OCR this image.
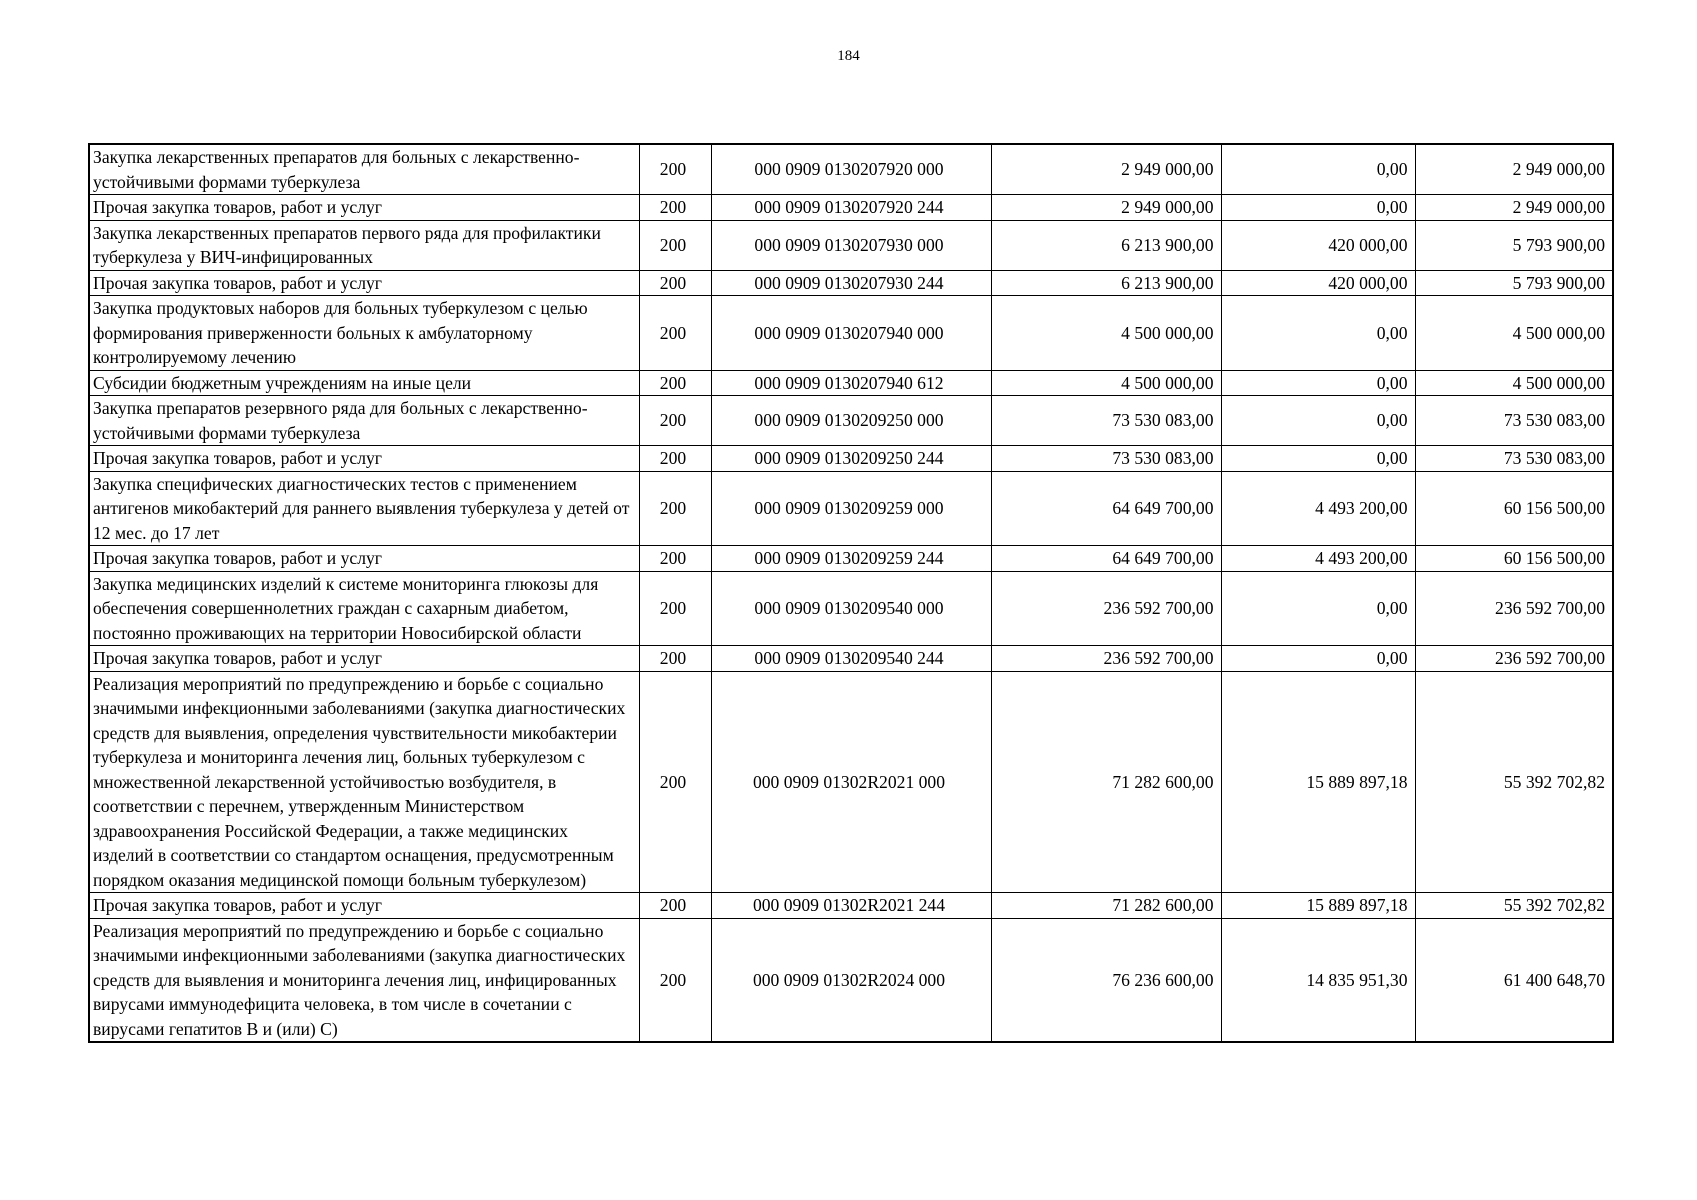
184
Закупка лекарственных препаратов для больных с лекарственно-устойчивыми формами туберкулеза	200	000 0909 0130207920 000	2 949 000,00	0,00	2 949 000,00
Прочая закупка товаров, работ и услуг	200	000 0909 0130207920 244	2 949 000,00	0,00	2 949 000,00
Закупка лекарственных препаратов первого ряда для профилактики туберкулеза у ВИЧ-инфицированных	200	000 0909 0130207930 000	6 213 900,00	420 000,00	5 793 900,00
Прочая закупка товаров, работ и услуг	200	000 0909 0130207930 244	6 213 900,00	420 000,00	5 793 900,00
Закупка продуктовых наборов для больных туберкулезом с целью формирования приверженности больных к амбулаторному контролируемому лечению	200	000 0909 0130207940 000	4 500 000,00	0,00	4 500 000,00
Субсидии бюджетным учреждениям на иные цели	200	000 0909 0130207940 612	4 500 000,00	0,00	4 500 000,00
Закупка препаратов резервного ряда для больных с лекарственно-устойчивыми формами туберкулеза	200	000 0909 0130209250 000	73 530 083,00	0,00	73 530 083,00
Прочая закупка товаров, работ и услуг	200	000 0909 0130209250 244	73 530 083,00	0,00	73 530 083,00
Закупка специфических диагностических тестов с применением антигенов микобактерий для раннего выявления туберкулеза у детей от 12 мес. до 17 лет	200	000 0909 0130209259 000	64 649 700,00	4 493 200,00	60 156 500,00
Прочая закупка товаров, работ и услуг	200	000 0909 0130209259 244	64 649 700,00	4 493 200,00	60 156 500,00
Закупка медицинских изделий к системе мониторинга глюкозы для обеспечения совершеннолетних граждан с сахарным диабетом, постоянно проживающих на территории Новосибирской области	200	000 0909 0130209540 000	236 592 700,00	0,00	236 592 700,00
Прочая закупка товаров, работ и услуг	200	000 0909 0130209540 244	236 592 700,00	0,00	236 592 700,00
Реализация мероприятий по предупреждению и борьбе с социально значимыми инфекционными заболеваниями (закупка диагностических средств для выявления, определения чувствительности микобактерии туберкулеза и мониторинга лечения лиц, больных туберкулезом с множественной лекарственной устойчивостью возбудителя, в соответствии с перечнем, утвержденным Министерством здравоохранения Российской Федерации, а также медицинских изделий в соответствии со стандартом оснащения, предусмотренным порядком оказания медицинской помощи больным туберкулезом)	200	000 0909 01302R2021 000	71 282 600,00	15 889 897,18	55 392 702,82
Прочая закупка товаров, работ и услуг	200	000 0909 01302R2021 244	71 282 600,00	15 889 897,18	55 392 702,82
Реализация мероприятий по предупреждению и борьбе с социально значимыми инфекционными заболеваниями (закупка диагностических средств для выявления и мониторинга лечения лиц, инфицированных вирусами иммунодефицита человека, в том числе в сочетании с вирусами гепатитов B и (или) C)	200	000 0909 01302R2024 000	76 236 600,00	14 835 951,30	61 400 648,70
